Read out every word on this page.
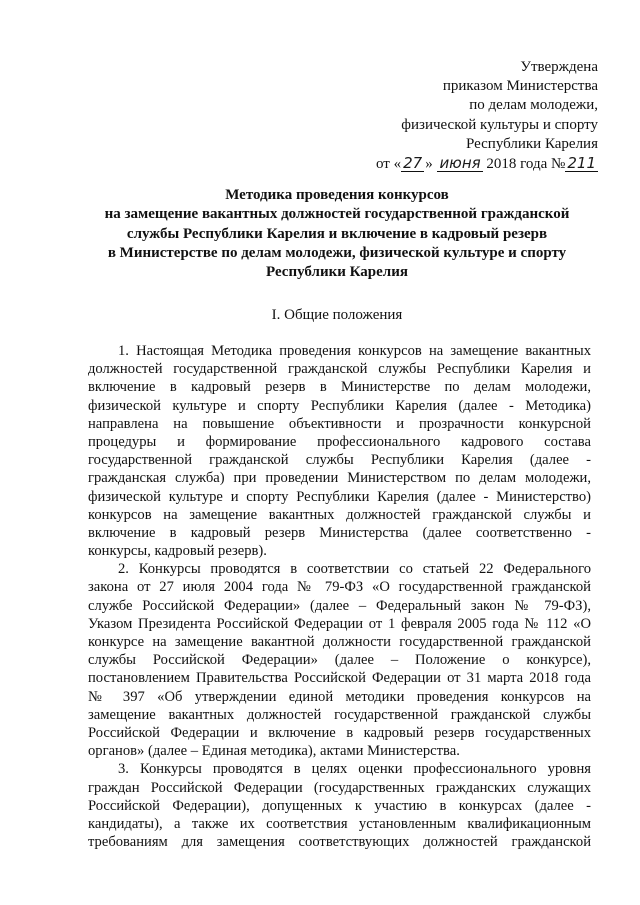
Утверждена
приказом Министерства
по делам молодежи,
физической культуры и спорту
Республики Карелия
от « 27 » июня 2018 года № 211
Методика проведения конкурсов
на замещение вакантных должностей государственной гражданской
службы Республики Карелия и включение в кадровый резерв
в Министерстве по делам молодежи, физической культуре и спорту
Республики Карелия
I. Общие положения
1. Настоящая Методика проведения конкурсов на замещение вакантных
должностей государственной гражданской службы Республики Карелия и
включение в кадровый резерв в Министерстве по делам молодежи,
физической культуре и спорту Республики Карелия (далее - Методика)
направлена на повышение объективности и прозрачности конкурсной
процедуры и формирование профессионального кадрового состава
государственной гражданской службы Республики Карелия (далее -
гражданская служба) при проведении Министерством по делам молодежи,
физической культуре и спорту Республики Карелия (далее - Министерство)
конкурсов на замещение вакантных должностей гражданской службы и
включение в кадровый резерв Министерства (далее соответственно -
конкурсы, кадровый резерв).
2. Конкурсы проводятся в соответствии со статьей 22 Федерального
закона от 27 июля 2004 года № 79-ФЗ «О государственной гражданской
службе Российской Федерации» (далее – Федеральный закон № 79-ФЗ),
Указом Президента Российской Федерации от 1 февраля 2005 года № 112 «О
конкурсе на замещение вакантной должности государственной гражданской
службы Российской Федерации» (далее – Положение о конкурсе),
постановлением Правительства Российской Федерации от 31 марта 2018 года
№ 397 «Об утверждении единой методики проведения конкурсов на
замещение вакантных должностей государственной гражданской службы
Российской Федерации и включение в кадровый резерв государственных
органов» (далее – Единая методика), актами Министерства.
3. Конкурсы проводятся в целях оценки профессионального уровня
граждан Российской Федерации (государственных гражданских служащих
Российской Федерации), допущенных к участию в конкурсах (далее -
кандидаты), а также их соответствия установленным квалификационным
требованиям для замещения соответствующих должностей гражданской
